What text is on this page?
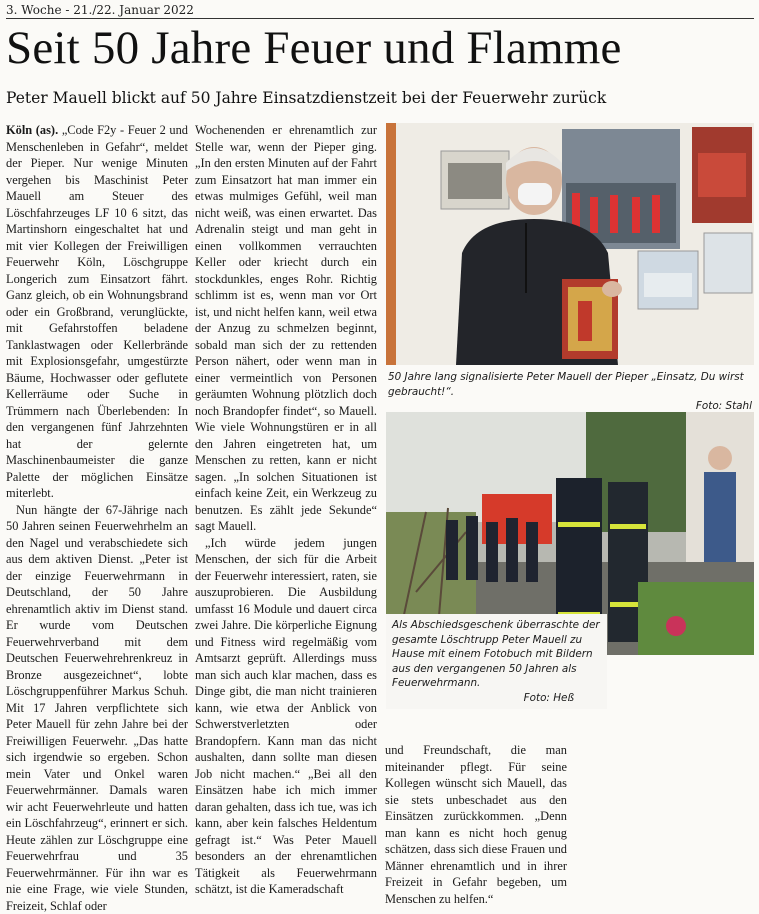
3. Woche - 21./22. Januar 2022
Seit 50 Jahre Feuer und Flamme
Peter Mauell blickt auf 50 Jahre Einsatzdienstzeit bei der Feuerwehr zurück

Köln (as). „Code F2y - Feuer 2 und Menschenleben in Gefahr“, meldet der Pieper. Nur wenige Minuten vergehen bis Maschinist Peter Mauell am Steuer des Löschfahrzeuges LF 10 6 sitzt, das Martinshorn eingeschaltet hat und mit vier Kollegen der Freiwilligen Feuerwehr Köln, Löschgruppe Longerich zum Einsatzort fährt. Ganz gleich, ob ein Wohnungsbrand oder ein Großbrand, verunglückte, mit Gefahrstoffen beladene Tanklastwagen oder Kellerbrände mit Explosionsgefahr, umgestürzte Bäume, Hochwasser oder geflutete Kellerräume oder Suche in Trümmern nach Überlebenden: In den vergangenen fünf Jahrzehnten hat der gelernte Maschinenbaumeister die ganze Palette der möglichen Einsätze miterlebt.

Nun hängte der 67-Jährige nach 50 Jahren seinen Feuerwehrhelm an den Nagel und verabschiedete sich aus dem aktiven Dienst. „Peter ist der einzige Feuerwehrmann in Deutschland, der 50 Jahre ehrenamtlich aktiv im Dienst stand. Er wurde vom Deutschen Feuerwehrverband mit dem Deutschen Feuerwehrehrenkreuz in Bronze ausgezeichnet“, lobte Löschgruppenführer Markus Schuh. Mit 17 Jahren verpflichtete sich Peter Mauell für zehn Jahre bei der Freiwilligen Feuerwehr. „Das hatte sich irgendwie so ergeben. Schon mein Vater und Onkel waren Feuerwehrmänner. Damals waren wir acht Feuerwehrleute und hatten ein Löschfahrzeug“, erinnert er sich. Heute zählen zur Löschgruppe eine Feuerwehrfrau und 35 Feuerwehrmänner. Für ihn war es nie eine Frage, wie viele Stunden, Freizeit, Schlaf oder

Wochenenden er ehrenamtlich zur Stelle war, wenn der Pieper ging. „In den ersten Minuten auf der Fahrt zum Einsatzort hat man immer ein etwas mulmiges Gefühl, weil man nicht weiß, was einen erwartet. Das Adrenalin steigt und man geht in einen vollkommen verrauchten Keller oder kriecht durch ein stockdunkles, enges Rohr. Richtig schlimm ist es, wenn man vor Ort ist, und nicht helfen kann, weil etwa der Anzug zu schmelzen beginnt, sobald man sich der zu rettenden Person nähert, oder wenn man in einer vermeintlich von Personen geräumten Wohnung plötzlich doch noch Brandopfer findet“, so Mauell. Wie viele Wohnungstüren er in all den Jahren eingetreten hat, um Menschen zu retten, kann er nicht sagen. „In solchen Situationen ist einfach keine Zeit, ein Werkzeug zu benutzen. Es zählt jede Sekunde“ sagt Mauell.

„Ich würde jedem jungen Menschen, der sich für die Arbeit der Feuerwehr interessiert, raten, sie auszuprobieren. Die Ausbildung umfasst 16 Module und dauert circa zwei Jahre. Die körperliche Eignung und Fitness wird regelmäßig vom Amtsarzt geprüft. Allerdings muss man sich auch klar machen, dass es Dinge gibt, die man nicht trainieren kann, wie etwa der Anblick von Schwerstverletzten oder Brandopfern. Kann man das nicht aushalten, dann sollte man diesen Job nicht machen.“ „Bei all den Einsätzen habe ich mich immer daran gehalten, dass ich tue, was ich kann, aber kein falsches Heldentum gefragt ist.“ Was Peter Mauell besonders an der ehrenamtlichen Tätigkeit als Feuerwehrmann schätzt, ist die Kameradschaft

und Freundschaft, die man miteinander pflegt. Für seine Kollegen wünscht sich Mauell, das sie stets unbeschadet aus den Einsätzen zurückkommen. „Denn man kann es nicht hoch genug schätzen, dass sich diese Frauen und Männer ehrenamtlich und in ihrer Freizeit in Gefahr begeben, um Menschen zu helfen.“

50 Jahre lang signalisierte Peter Mauell der Pieper „Einsatz, Du wirst gebraucht!“.
Foto: Stahl
Als Abschiedsgeschenk überraschte der gesamte Löschtrupp Peter Mauell zu Hause mit einem Fotobuch mit Bildern aus den vergangenen 50 Jahren als Feuerwehrmann.
Foto: Heß
